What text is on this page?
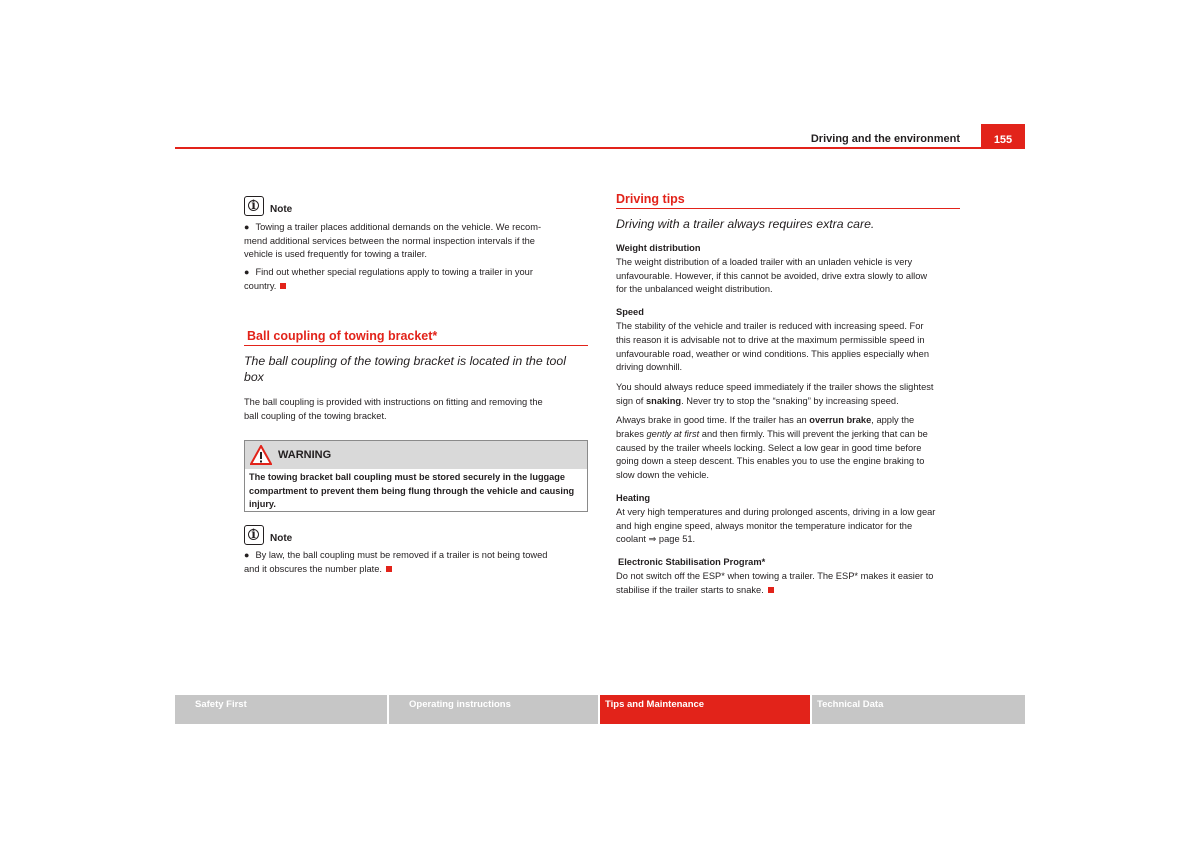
Driving and the environment	155
i	Note
● Towing a trailer places additional demands on the vehicle. We recom-

mend additional services between the normal inspection intervals if the

vehicle is used frequently for towing a trailer.

● Find out whether special regulations apply to towing a trailer in your

country.

Ball coupling of towing bracket*

The ball coupling of the towing bracket is located in the tool

box

The ball coupling is provided with instructions on fitting and removing the

ball coupling of the towing bracket.

WARNING
The towing bracket ball coupling must be stored securely in the luggage
compartment to prevent them being flung through the vehicle and causing
injury.
i	Note
● By law, the ball coupling must be removed if a trailer is not being towed

and it obscures the number plate.

Driving tips

Driving with a trailer always requires extra care.

Weight distribution

The weight distribution of a loaded trailer with an unladen vehicle is very

unfavourable. However, if this cannot be avoided, drive extra slowly to allow

for the unbalanced weight distribution.

Speed

The stability of the vehicle and trailer is reduced with increasing speed. For

this reason it is advisable not to drive at the maximum permissible speed in

unfavourable road, weather or wind conditions. This applies especially when

driving downhill.

You should always reduce speed immediately if the trailer shows the slightest

sign of snaking. Never try to stop the “snaking” by increasing speed.

Always brake in good time. If the trailer has an overrun brake, apply the

brakes gently at first and then firmly. This will prevent the jerking that can be

caused by the trailer wheels locking. Select a low gear in good time before

going down a steep descent. This enables you to use the engine braking to

slow down the vehicle.

Heating

At very high temperatures and during prolonged ascents, driving in a low gear

and high engine speed, always monitor the temperature indicator for the

coolant ⇒ page 51.

Electronic Stabilisation Program*

Do not switch off the ESP* when towing a trailer. The ESP* makes it easier to

stabilise if the trailer starts to snake.

Safety First	Operating instructions	Tips and Maintenance	Technical Data
